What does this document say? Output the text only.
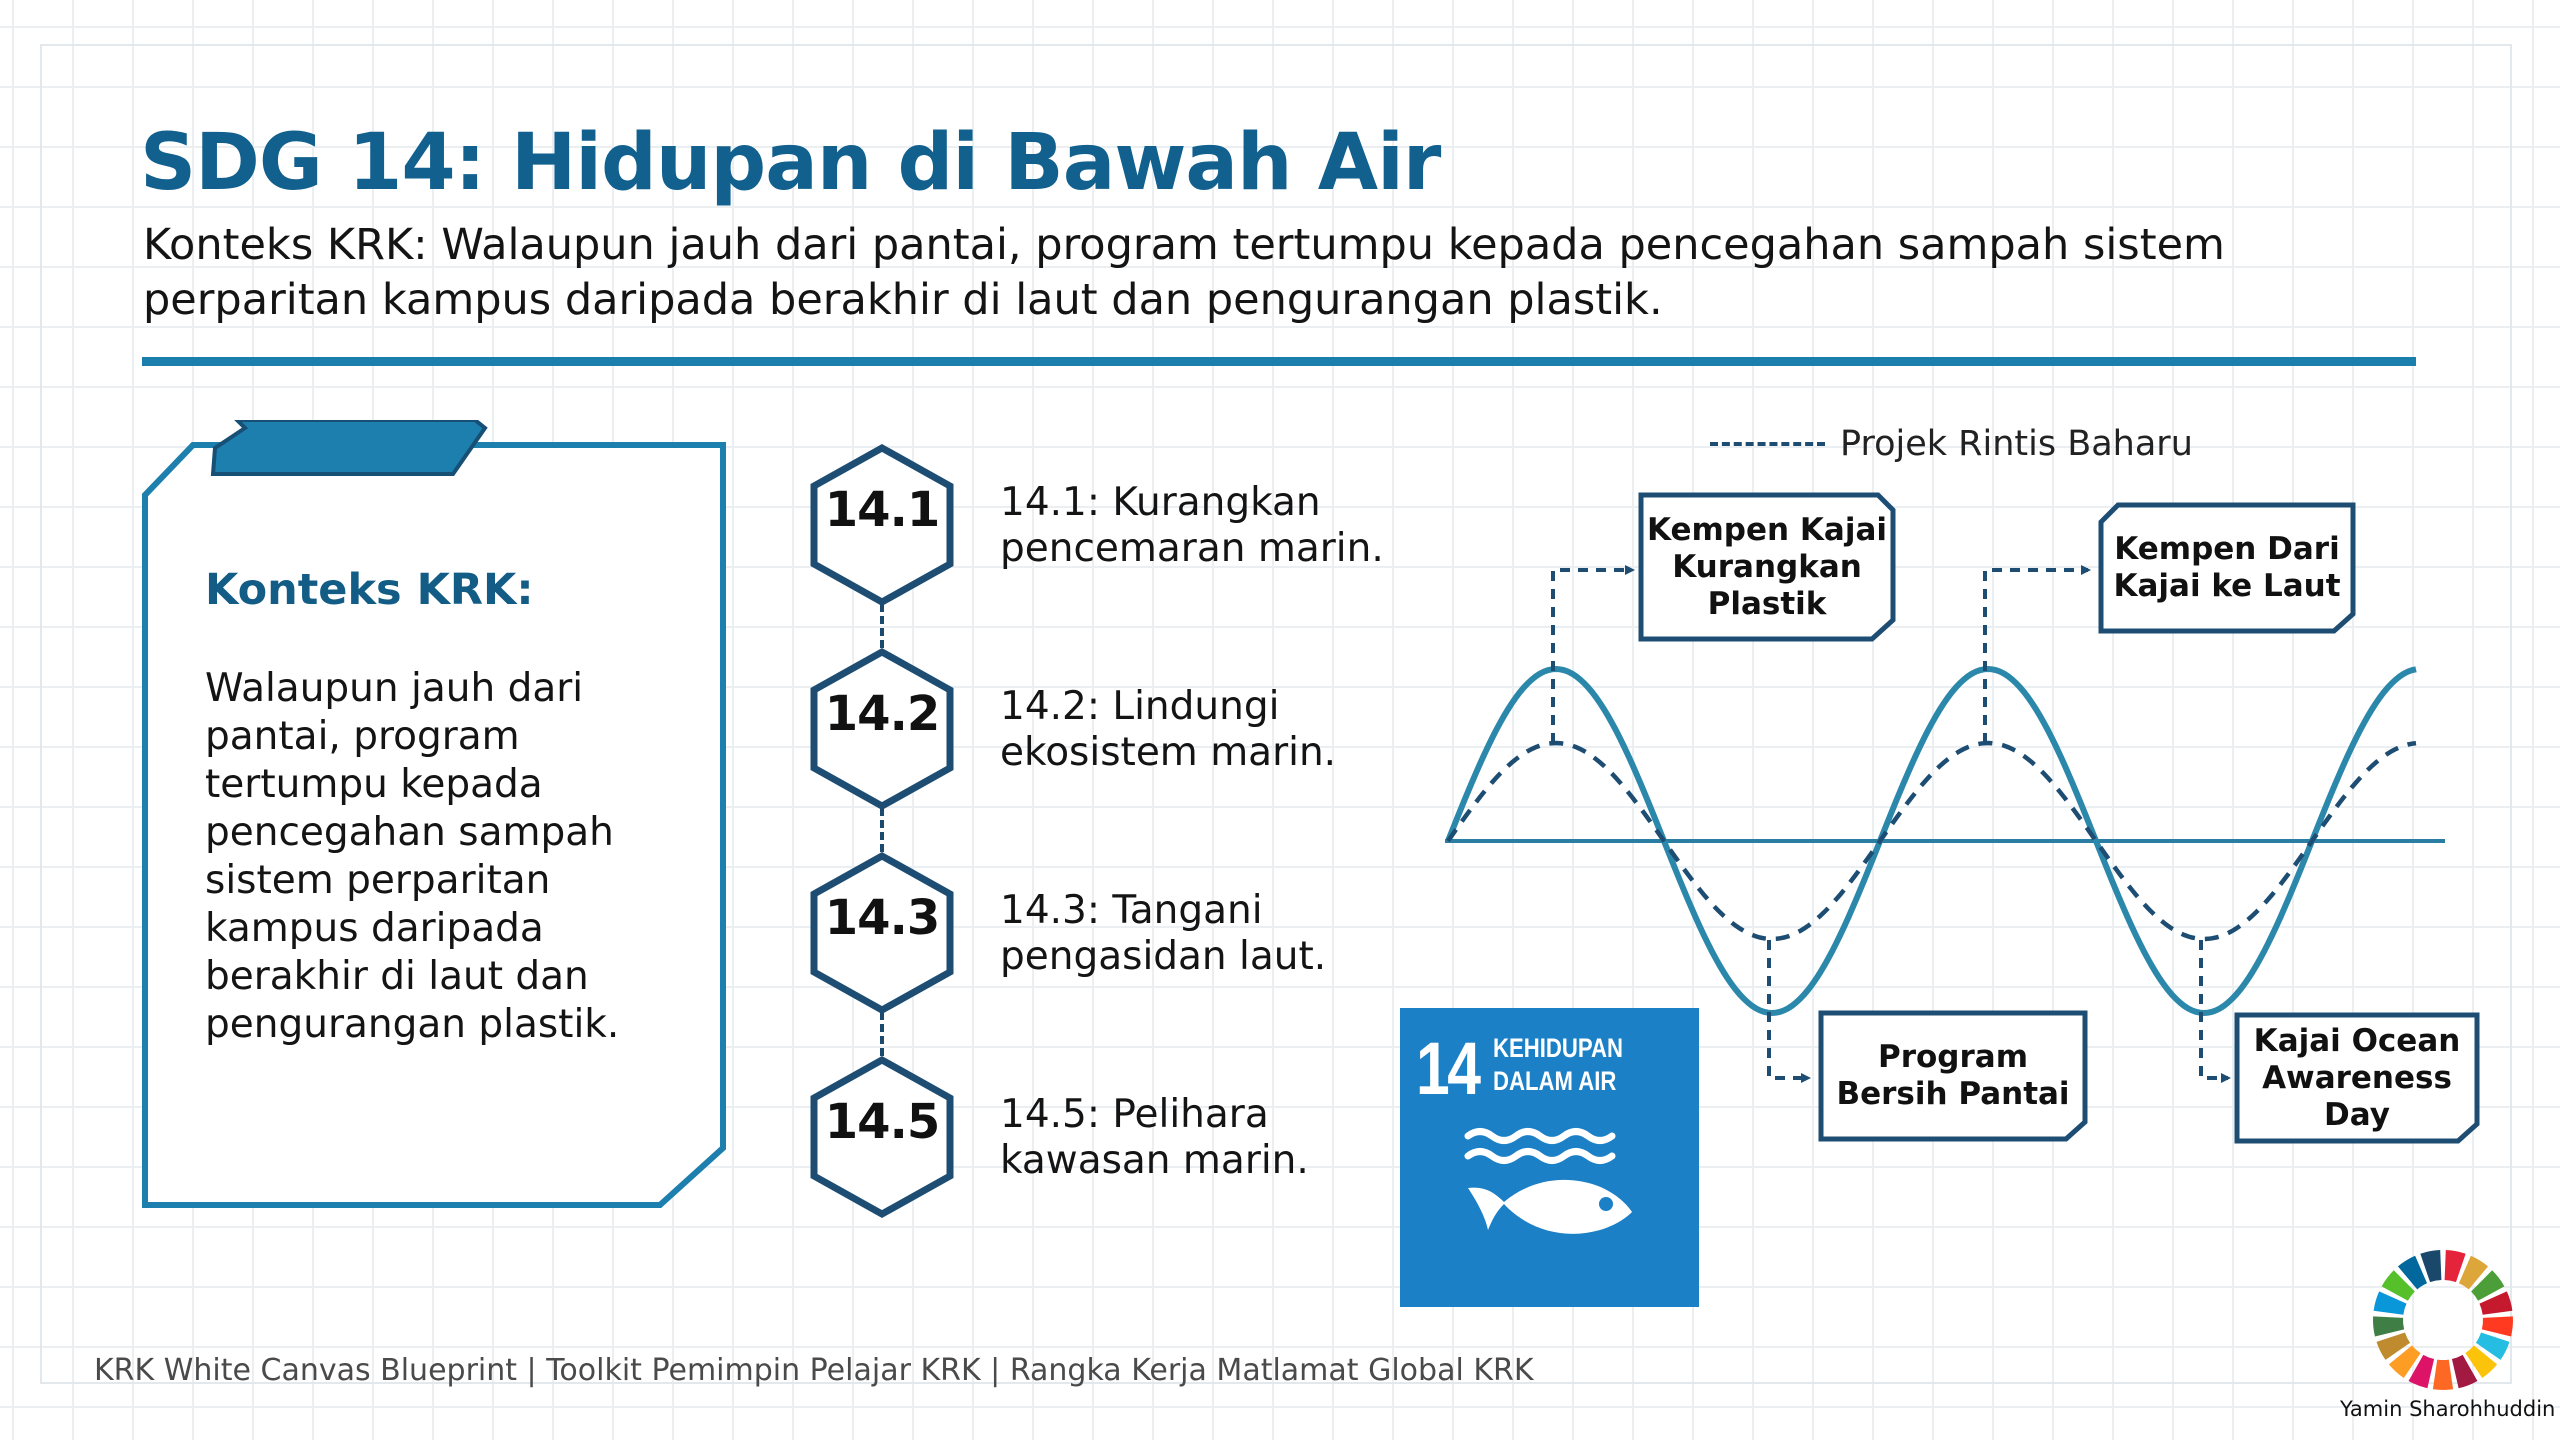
SDG 14: Hidupan di Bawah Air

Konteks KRK: Walaupun jauh dari pantai, program tertumpu kepada pencegahan sampah sistem perparitan kampus daripada berakhir di laut dan pengurangan plastik.

Konteks KRK:
Walaupun jauh dari pantai, program tertumpu kepada pencegahan sampah sistem perparitan kampus daripada berakhir di laut dan pengurangan plastik.
14.1	14.1: Kurangkan pencemaran marin.
14.2	14.2: Lindungi ekosistem marin.
14.3	14.3: Tangani pengasidan laut.
14.5	14.5: Pelihara kawasan marin.
Projek Rintis Baharu
Kempen Kajai Kurangkan Plastik
Kempen Dari Kajai ke Laut
Program Bersih Pantai
Kajai Ocean Awareness Day
14 KEHIDUPAN DALAM AIR
KRK White Canvas Blueprint | Toolkit Pemimpin Pelajar KRK | Rangka Kerja Matlamat Global KRK
Yamin Sharohhuddin
